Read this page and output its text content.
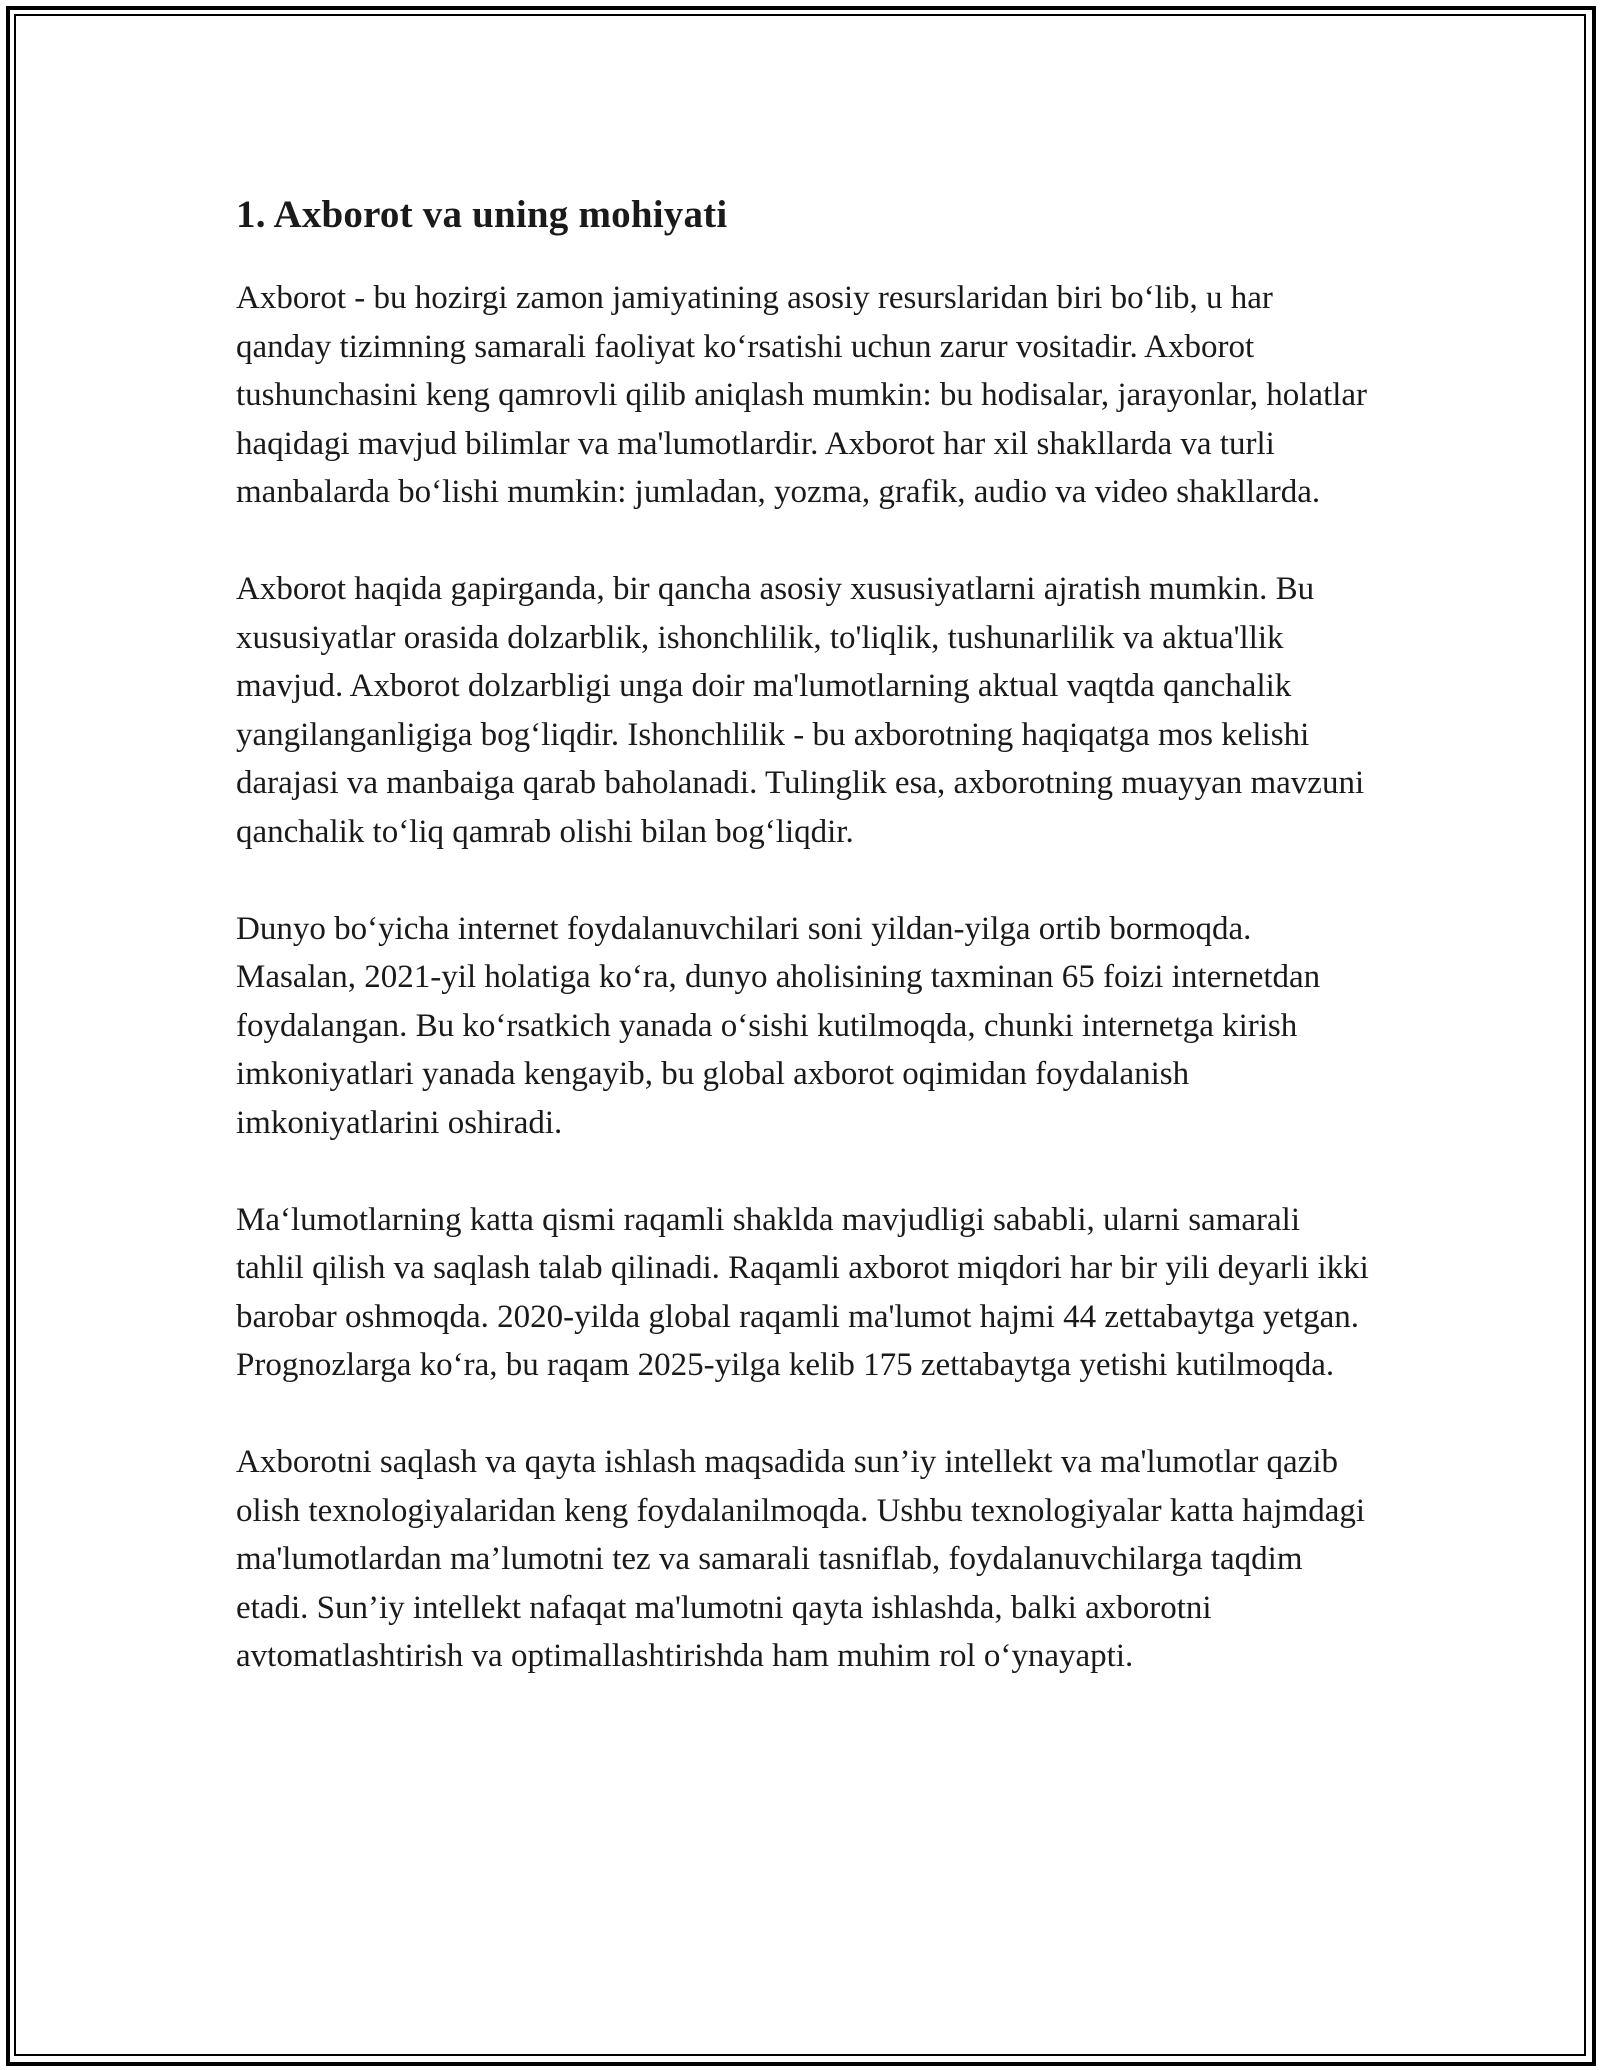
1. Axborot va uning mohiyati

Axborot - bu hozirgi zamon jamiyatining asosiy resurslaridan biri bo‘lib, u har qanday tizimning samarali faoliyat ko‘rsatishi uchun zarur vositadir. Axborot tushunchasini keng qamrovli qilib aniqlash mumkin: bu hodisalar, jarayonlar, holatlar haqidagi mavjud bilimlar va ma'lumotlardir. Axborot har xil shakllarda va turli manbalarda bo‘lishi mumkin: jumladan, yozma, grafik, audio va video shakllarda.

Axborot haqida gapirganda, bir qancha asosiy xususiyatlarni ajratish mumkin. Bu xususiyatlar orasida dolzarblik, ishonchlilik, to'liqlik, tushunarlilik va aktua'llik mavjud. Axborot dolzarbligi unga doir ma'lumotlarning aktual vaqtda qanchalik yangilanganligiga bog‘liqdir. Ishonchlilik - bu axborotning haqiqatga mos kelishi darajasi va manbaiga qarab baholanadi. Tulinglik esa, axborotning muayyan mavzuni qanchalik to‘liq qamrab olishi bilan bog‘liqdir.

Dunyo bo‘yicha internet foydalanuvchilari soni yildan-yilga ortib bormoqda. Masalan, 2021-yil holatiga ko‘ra, dunyo aholisining taxminan 65 foizi internetdan foydalangan. Bu ko‘rsatkich yanada o‘sishi kutilmoqda, chunki internetga kirish imkoniyatlari yanada kengayib, bu global axborot oqimidan foydalanish imkoniyatlarini oshiradi.

Ma‘lumotlarning katta qismi raqamli shaklda mavjudligi sababli, ularni samarali tahlil qilish va saqlash talab qilinadi. Raqamli axborot miqdori har bir yili deyarli ikki barobar oshmoqda. 2020-yilda global raqamli ma'lumot hajmi 44 zettabaytga yetgan. Prognozlarga ko‘ra, bu raqam 2025-yilga kelib 175 zettabaytga yetishi kutilmoqda.

Axborotni saqlash va qayta ishlash maqsadida sun’iy intellekt va ma'lumotlar qazib olish texnologiyalaridan keng foydalanilmoqda. Ushbu texnologiyalar katta hajmdagi ma'lumotlardan ma’lumotni tez va samarali tasniflab, foydalanuvchilarga taqdim etadi. Sun’iy intellekt nafaqat ma'lumotni qayta ishlashda, balki axborotni avtomatlashtirish va optimallashtirishda ham muhim rol o‘ynayapti.
